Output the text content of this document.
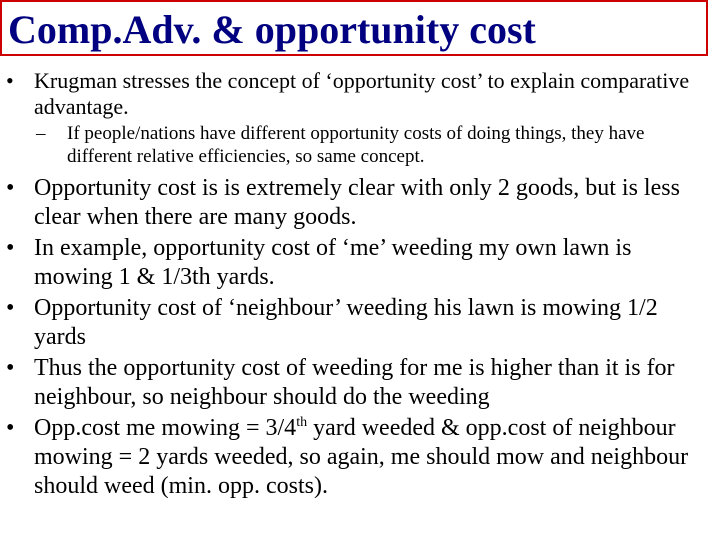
Comp.Adv. & opportunity cost
• Krugman stresses the concept of ‘opportunity cost’ to explain comparative advantage.
– If people/nations have different opportunity costs of doing things, they have different relative efficiencies, so same concept.
• Opportunity cost is is extremely clear with only 2 goods, but is less clear when there are many goods.
• In example, opportunity cost of ‘me’ weeding my own lawn is mowing 1 & 1/3th yards.
• Opportunity cost of ‘neighbour’ weeding his lawn is mowing 1/2 yards
• Thus the opportunity cost of weeding for me is higher than it is for neighbour, so neighbour should do the weeding
• Opp.cost me mowing = 3/4th yard weeded & opp.cost of neighbour mowing = 2 yards weeded, so again, me should mow and neighbour should weed (min. opp. costs).
